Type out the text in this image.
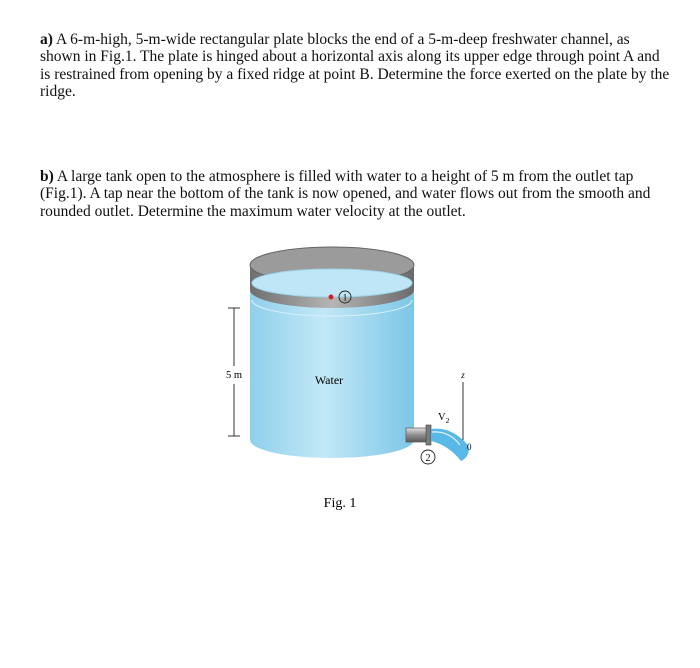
a) A 6-m-high, 5-m-wide rectangular plate blocks the end of a 5-m-deep freshwater channel, as shown in Fig.1. The plate is hinged about a horizontal axis along its upper edge through point A and is restrained from opening by a fixed ridge at point B. Determine the force exerted on the plate by the ridge.

b) A large tank open to the atmosphere is filled with water to a height of 5 m from the outlet tap (Fig.1). A tap near the bottom of the tank is now opened, and water flows out from the smooth and rounded outlet. Determine the maximum water velocity at the outlet.

1
Water
5 m
2
$V_2$
z
0
Fig. 1
